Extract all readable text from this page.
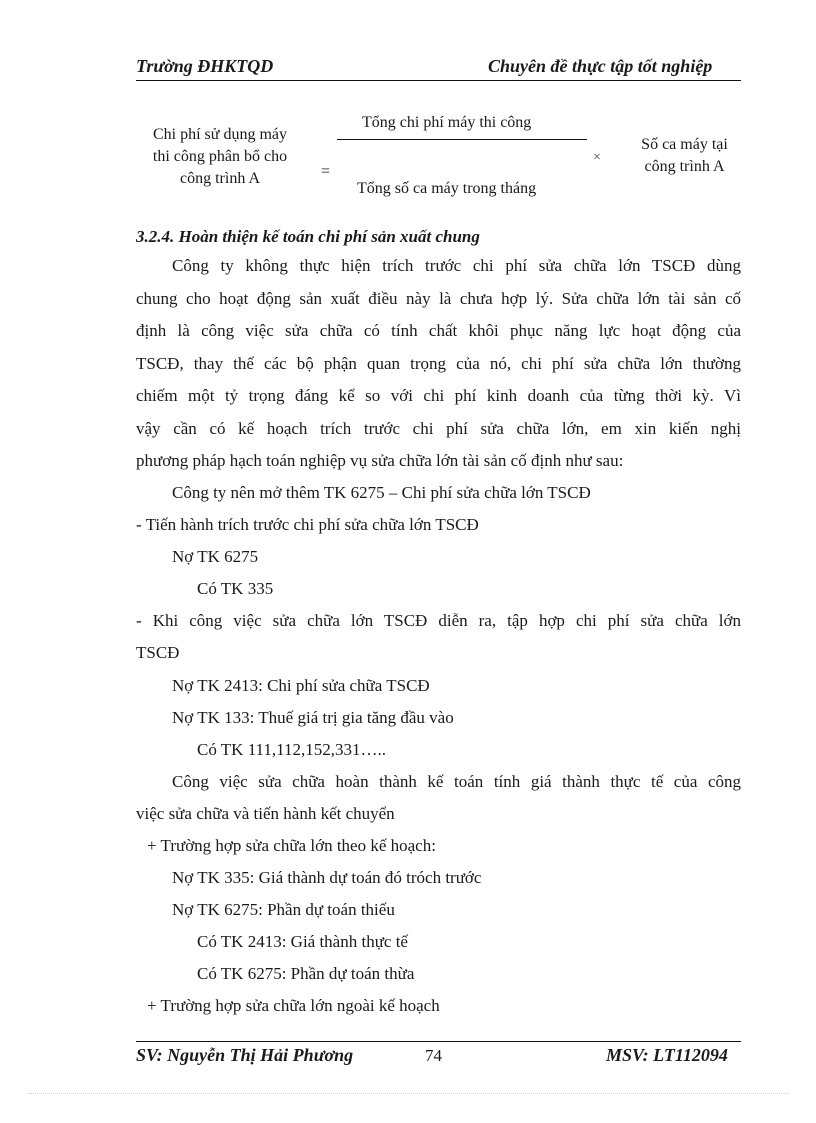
Trường ĐHKTQD	Chuyên đề thực tập tốt nghiệp
Chi phí sử dụng máy
thi công phân bổ cho
công trình A	=
Tổng chi phí máy thi công
Tổng số ca máy trong tháng
×
Số ca máy tại
công trình A
3.2.4. Hoàn thiện kế toán chi phí sản xuất chung
Công ty không thực hiện trích trước chi phí sửa chữa lớn TSCĐ dùng
chung cho hoạt động sản xuất điều này là chưa hợp lý. Sửa chữa lớn tài sản cố
định là công việc sửa chữa có tính chất khôi phục năng lực hoạt động của
TSCĐ, thay thế các bộ phận quan trọng của nó, chi phí sửa chữa lớn thường
chiếm một tỷ trọng đáng kể so với chi phí kinh doanh của từng thời kỳ. Vì
vậy cần có kế hoạch trích trước chi phí sửa chữa lớn, em xin kiến nghị
phương pháp hạch toán nghiệp vụ sửa chữa lớn tài sản cố định như sau:
Công ty nên mở thêm TK 6275 – Chi phí sửa chữa lớn TSCĐ
- Tiến hành trích trước chi phí sửa chữa lớn TSCĐ
Nợ TK 6275
Có TK 335
- Khi công việc sửa chữa lớn TSCĐ diễn ra, tập hợp chi phí sửa chữa lớn
TSCĐ
Nợ TK 2413: Chi phí sửa chữa TSCĐ
Nợ TK 133: Thuế giá trị gia tăng đầu vào
Có TK 111,112,152,331…..
Công việc sửa chữa hoàn thành kế toán tính giá thành thực tế của công
việc sửa chữa và tiến hành kết chuyển
+ Trường hợp sửa chữa lớn theo kế hoạch:
Nợ TK 335: Giá thành dự toán đó tróch trước
Nợ TK 6275: Phần dự toán thiếu
Có TK 2413: Giá thành thực tế
Có TK 6275: Phần dự toán thừa
+ Trường hợp sửa chữa lớn ngoài kế hoạch
SV: Nguyễn Thị Hải Phương	74	MSV: LT112094
